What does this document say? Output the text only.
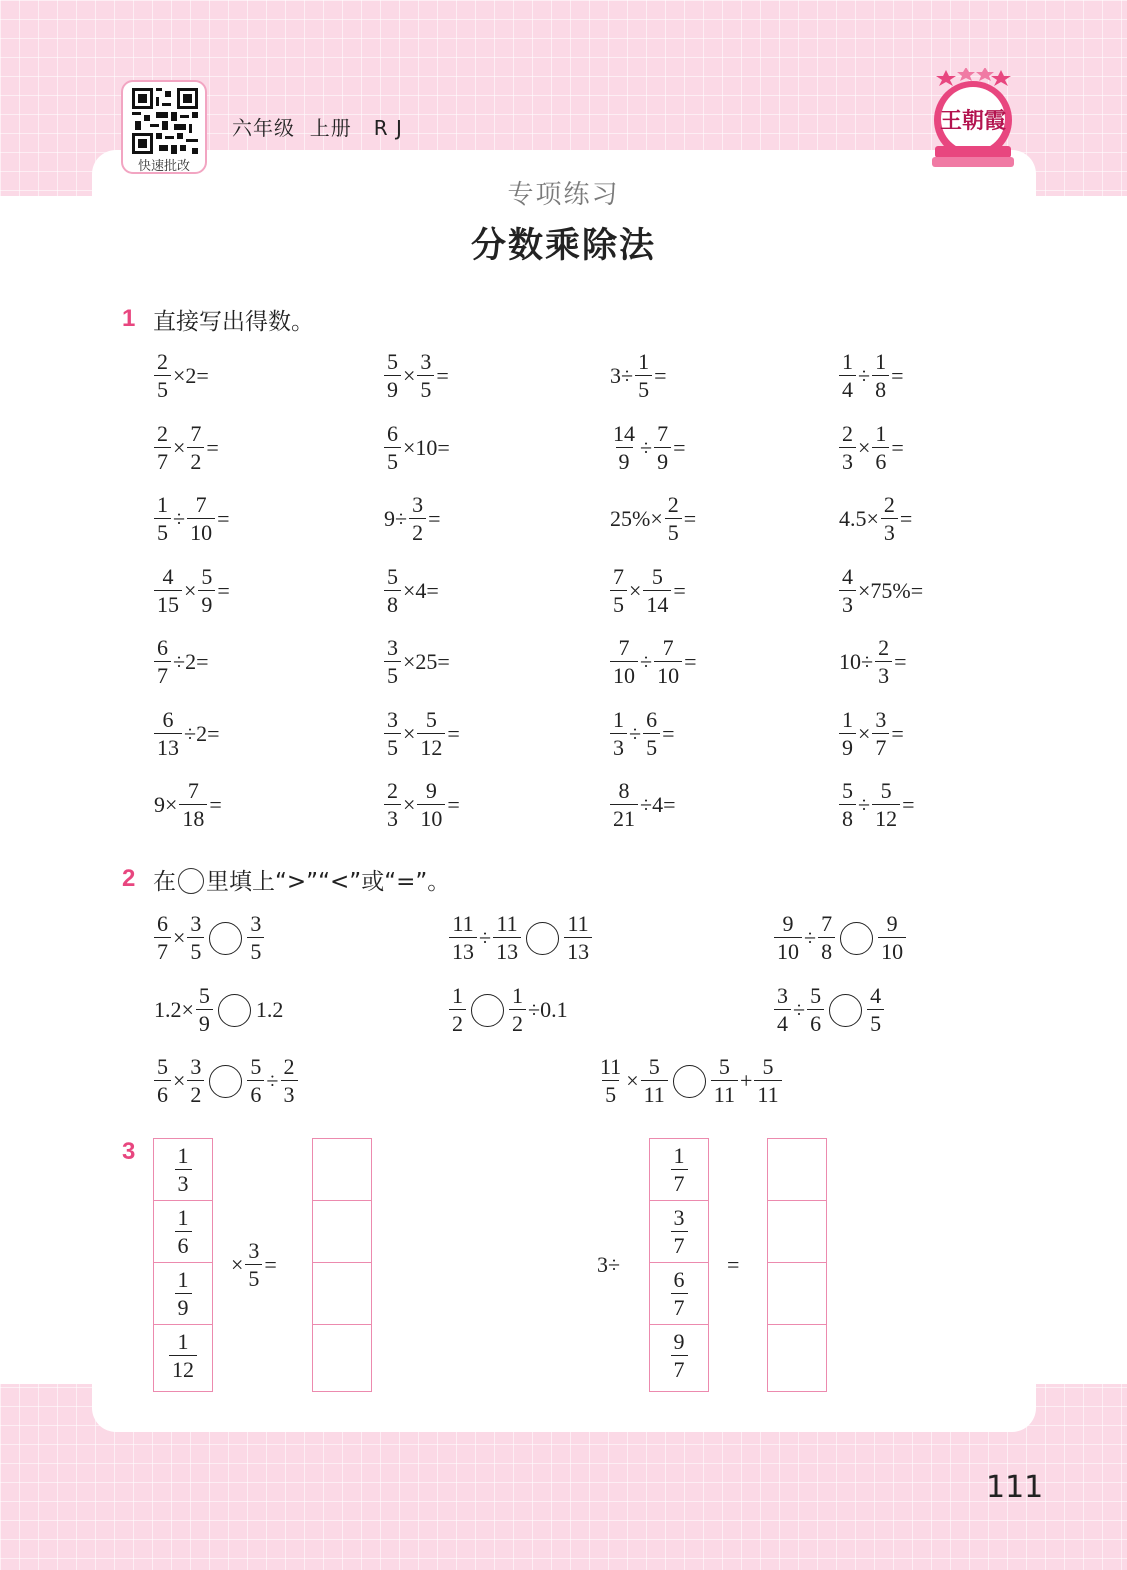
快速批改
六年级  上册   R J	王朝霞
专项练习
分数乘除法
1 直接写出得数。
$\frac{2}{5} \times 2=$	$\frac{5}{9} \times \frac{3}{5}$ =	$3\div \frac{1}{5}$ =	$\frac{1}{4} \div \frac{1}{8}$ =
$\frac{2}{7} \times \frac{7}{2}$ =	$\frac{6}{5} \times 10=$	$\frac{14}{9} \div \frac{7}{9}$ =	$\frac{2}{3} \times \frac{1}{6}$ =
$\frac{1}{5} \div \frac{7}{10}$ =	$9\div \frac{3}{2}$ =	$25\%\times \frac{2}{5}$ =	$4.5\times \frac{2}{3}$ =
$\frac{4}{15} \times \frac{5}{9}$ =	$\frac{5}{8} \times 4=$	$\frac{7}{5} \times \frac{5}{14}$ =	$\frac{4}{3} \times 75\%=$
$\frac{6}{7} \div 2=$	$\frac{3}{5} \times 25=$	$\frac{7}{10} \div \frac{7}{10}$ =	$10\div \frac{2}{3}$ =
$\frac{6}{13} \div 2=$	$\frac{3}{5} \times \frac{5}{12}$ =	$\frac{1}{3} \div \frac{6}{5}$ =	$\frac{1}{9} \times \frac{3}{7}$ =
$9\times \frac{7}{18}$ =	$\frac{2}{3} \times \frac{9}{10}$ =	$\frac{8}{21} \div 4=$	$\frac{5}{8} \div \frac{5}{12}$ =
2 在 里填上“>”“<”或“=”。
$\frac{6}{7} \times \frac{3}{5} \frac{3}{5}$	$\frac{11}{13} \div \frac{11}{13} \frac{11}{13}$	$\frac{9}{10} \div \frac{7}{8} \frac{9}{10}$
$1.2\times \frac{5}{9} 1.2$	$\frac{1}{2} \frac{1}{2} \div 0.1$	$\frac{3}{4} \div \frac{5}{6} \frac{4}{5}$
$\frac{5}{6} \times \frac{3}{2} \frac{5}{6} \div \frac{2}{3}$	$\frac{11}{5} \times \frac{5}{11} \frac{5}{11} + \frac{5}{11}$
$3 \frac{1}{3}$
$\frac{1}{6}$
$\frac{1}{9}$
$\frac{1}{12}$
× $\frac{3}{5}$ =	3÷
$\frac{1}{7}$
$\frac{3}{7}$
$\frac{6}{7}$
$\frac{9}{7}$
=
111
